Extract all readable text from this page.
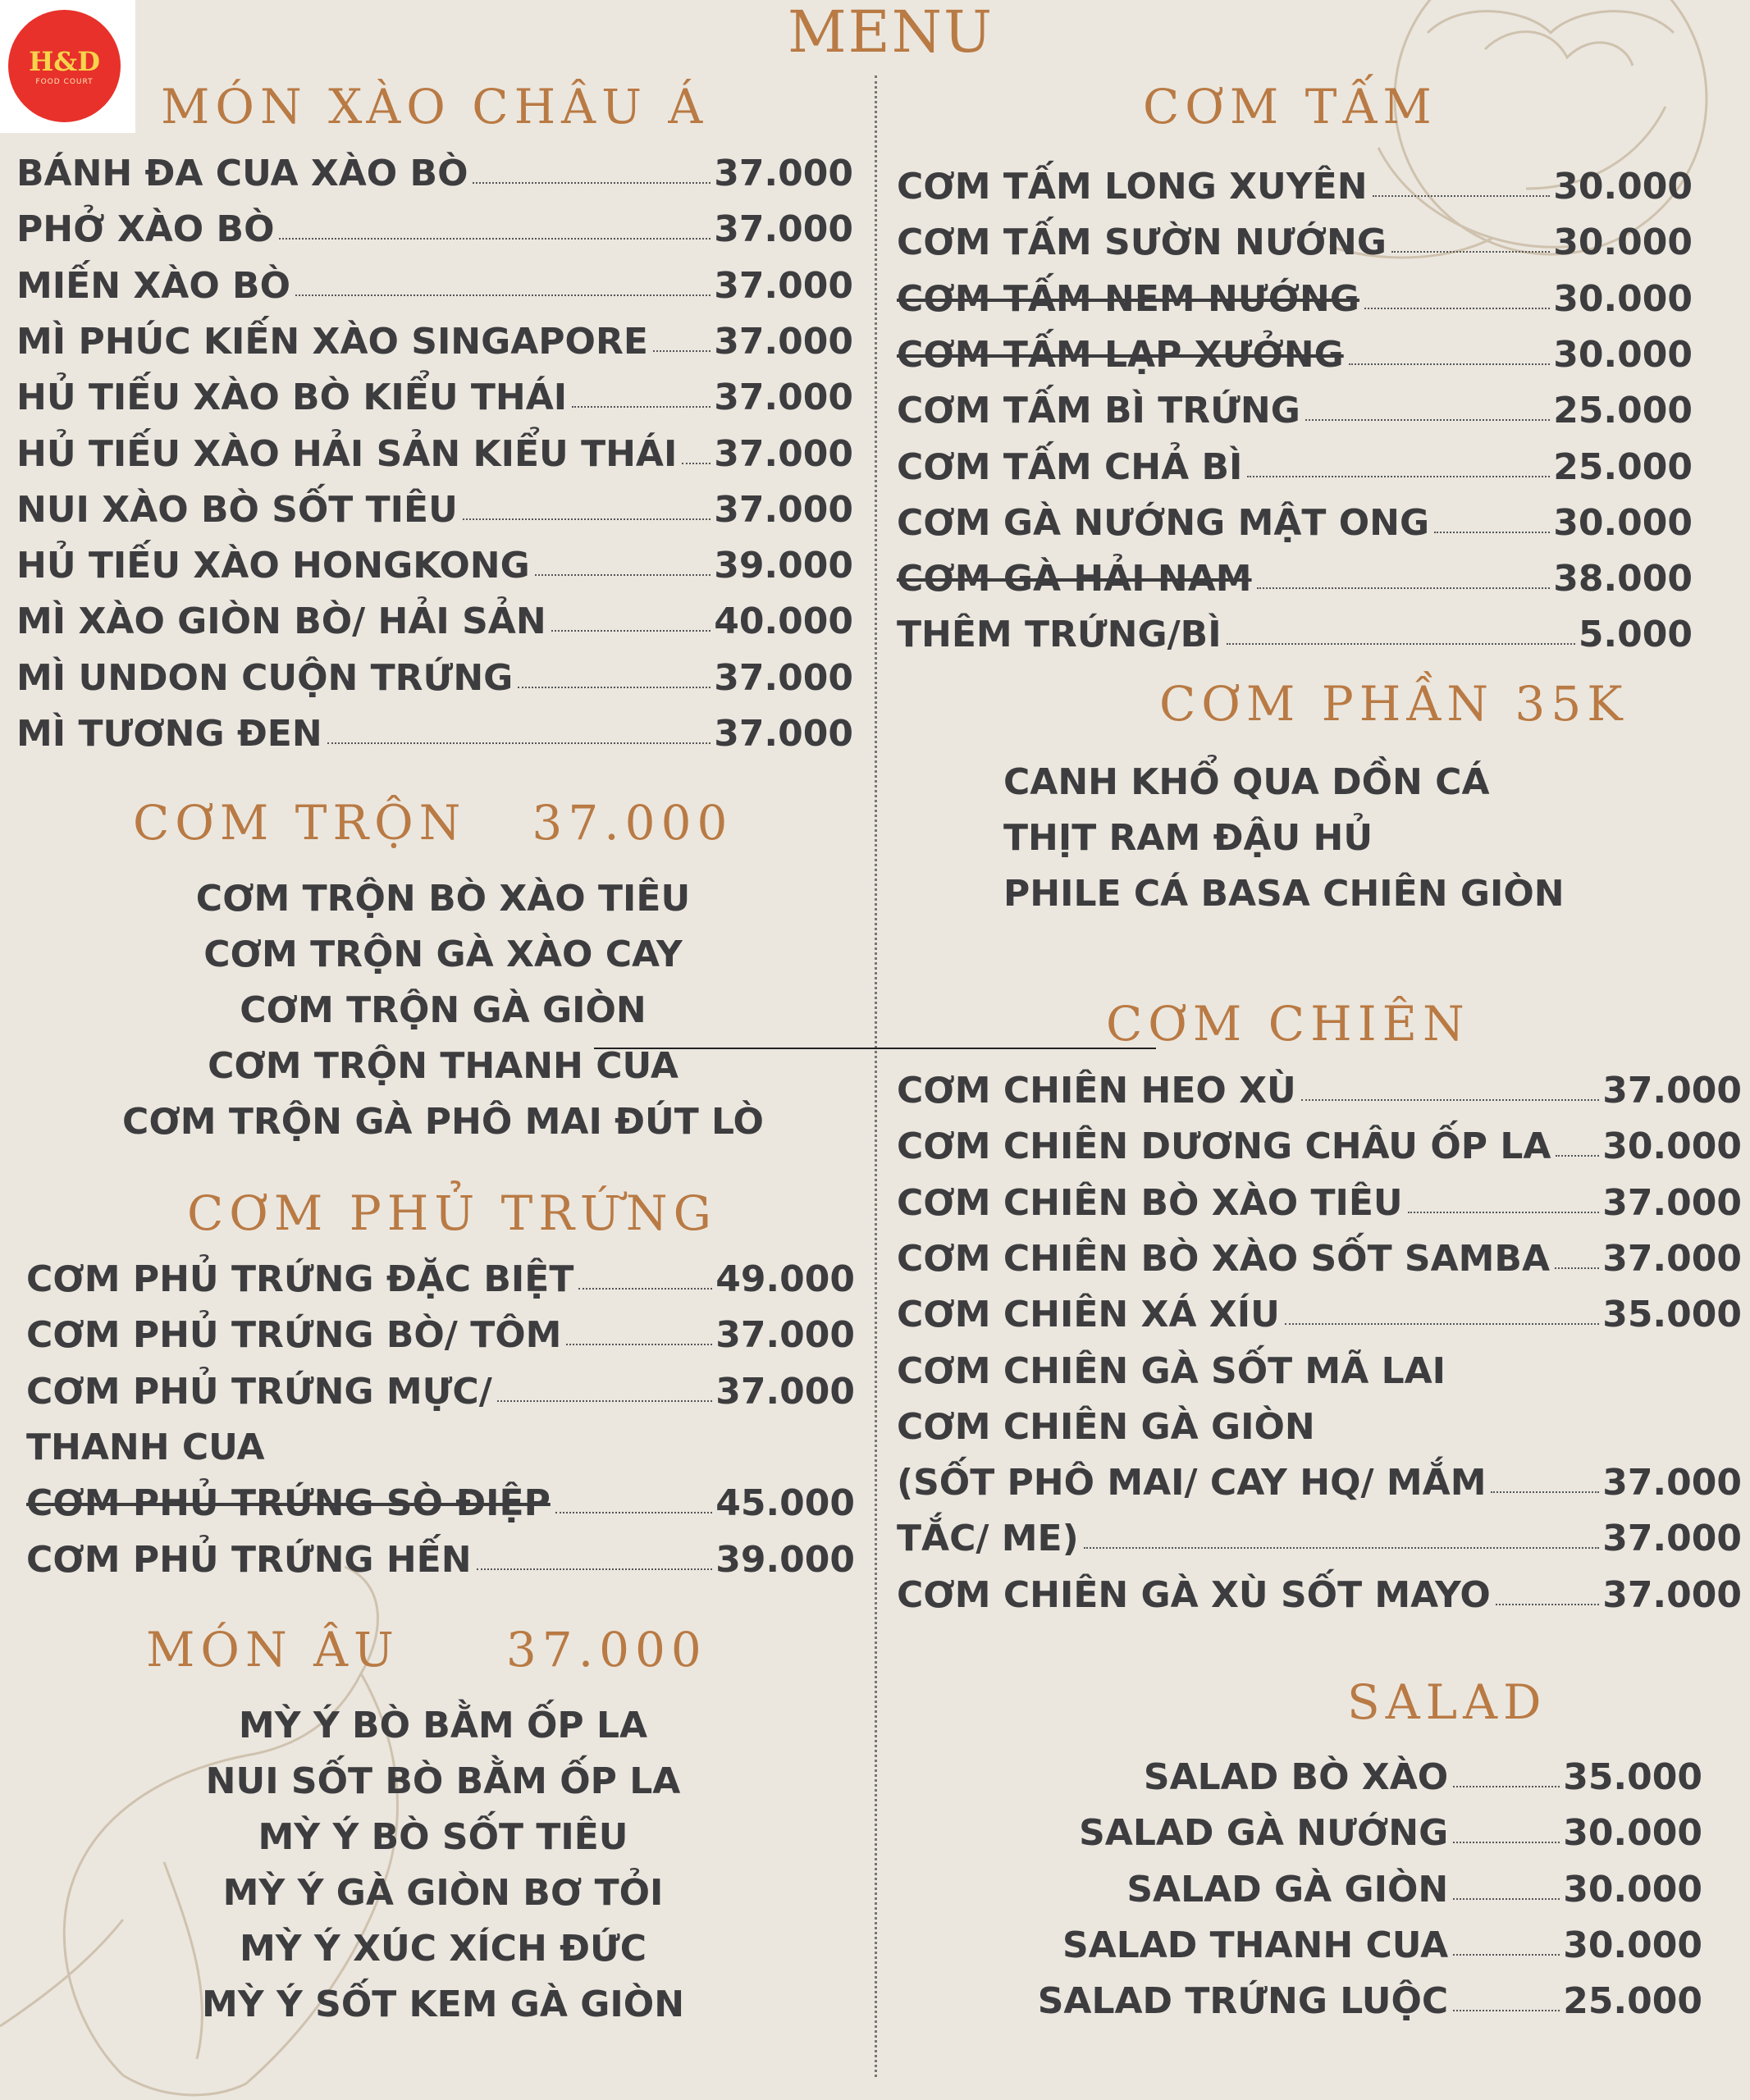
H&D
FOOD COURT
MENU
MÓN XÀO CHÂU Á
BÁNH ĐA CUA XÀO BÒ	37.000
PHỞ XÀO BÒ	37.000
MIẾN XÀO BÒ	37.000
MÌ PHÚC KIẾN XÀO SINGAPORE 37.000
HỦ TIẾU XÀO BÒ KIỂU THÁI	37.000
HỦ TIẾU XÀO HẢI SẢN KIỂU THÁI 37.000
NUI XÀO BÒ SỐT TIÊU	37.000
HỦ TIẾU XÀO HONGKONG	39.000
MÌ XÀO GIÒN BÒ/ HẢI SẢN	40.000
MÌ UNDON CUỘN TRỨNG	37.000
MÌ TƯƠNG ĐEN	37.000
CƠM TRỘN 37.000
CƠM TRỘN BÒ XÀO TIÊU
CƠM TRỘN GÀ XÀO CAY
CƠM TRỘN GÀ GIÒN
CƠM TRỘN THANH CUA
CƠM TRỘN GÀ PHÔ MAI ĐÚT LÒ
CƠM PHỦ TRỨNG
CƠM PHỦ TRỨNG ĐẶC BIỆT	49.000
CƠM PHỦ TRỨNG BÒ/ TÔM	37.000
CƠM PHỦ TRỨNG MỰC/	37.000
THANH CUA
CƠM PHỦ TRỨNG SÒ ĐIỆP	45.000
CƠM PHỦ TRỨNG HẾN	39.000
MÓN ÂU 37.000
MỲ Ý BÒ BẰM ỐP LA
NUI SỐT BÒ BẰM ỐP LA
MỲ Ý BÒ SỐT TIÊU
MỲ Ý GÀ GIÒN BƠ TỎI
MỲ Ý XÚC XÍCH ĐỨC
MỲ Ý SỐT KEM GÀ GIÒN
CƠM TẤM
CƠM TẤM LONG XUYÊN	30.000
CƠM TẤM SƯỜN NƯỚNG	30.000
CƠM TẤM NEM NƯỚNG	30.000
CƠM TẤM LẠP XƯỞNG	30.000
CƠM TẤM BÌ TRỨNG	25.000
CƠM TẤM CHẢ BÌ	25.000
CƠM GÀ NƯỚNG MẬT ONG	30.000
CƠM GÀ HẢI NAM	38.000
THÊM TRỨNG/BÌ	5.000
CƠM PHẦN 35K
CANH KHỔ QUA DỒN CÁ
THỊT RAM ĐẬU HỦ
PHILE CÁ BASA CHIÊN GIÒN
CƠM CHIÊN
CƠM CHIÊN HEO XÙ	37.000
CƠM CHIÊN DƯƠNG CHÂU ỐP LA 30.000
CƠM CHIÊN BÒ XÀO TIÊU	37.000
CƠM CHIÊN BÒ XÀO SỐT SAMBA 37.000
CƠM CHIÊN XÁ XÍU	35.000
CƠM CHIÊN GÀ SỐT MÃ LAI
CƠM CHIÊN GÀ GIÒN
(SỐT PHÔ MAI/ CAY HQ/ MẮM	37.000
TẮC/ ME)	37.000
CƠM CHIÊN GÀ XÙ SỐT MAYO	37.000
SALAD
SALAD BÒ XÀO	35.000
SALAD GÀ NƯỚNG	30.000
SALAD GÀ GIÒN	30.000
SALAD THANH CUA	30.000
SALAD TRỨNG LUỘC	25.000
